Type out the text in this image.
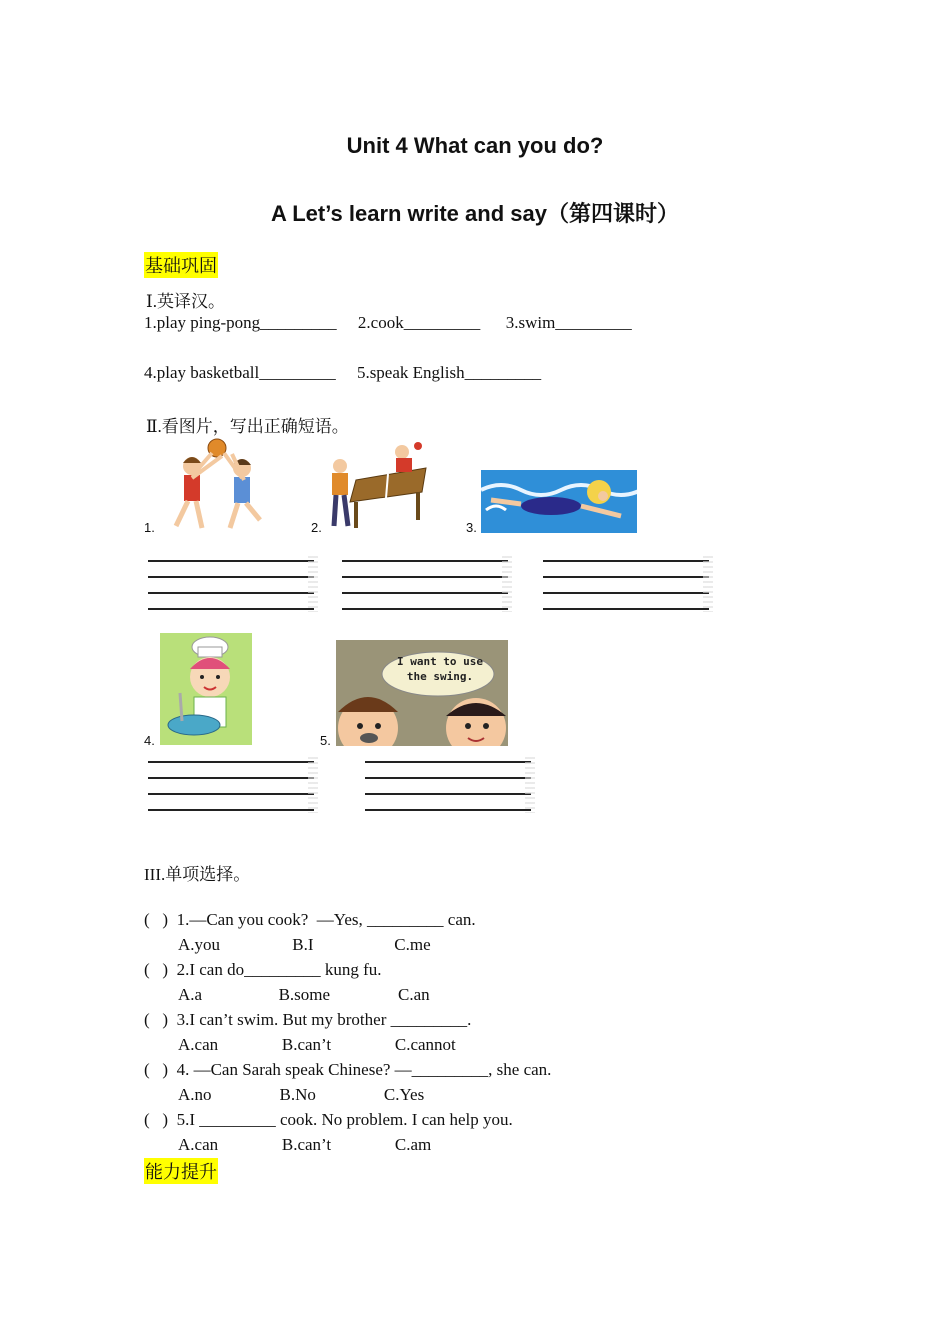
Unit 4 What can you do?
A Let’s learn write and say（第四课时）
基础巩固
Ⅰ.英译汉。
1.play ping-pong_________     2.cook_________      3.swim_________
4.play basketball_________     5.speak English_________
Ⅱ.看图片，写出正确短语。
1.	2.	3.
4.
I want to use the swing.
5.
III.单项选择。
(   )  1.—Can you cook?  —Yes, _________ can.
A.you                 B.I                   C.me
(   )  2.I can do_________ kung fu.
A.a                  B.some                C.an
(   )  3.I can’t swim. But my brother _________.
A.can               B.can’t               C.cannot
(   )  4. —Can Sarah speak Chinese? —_________, she can.
A.no                B.No                C.Yes
(   )  5.I _________ cook. No problem. I can help you.
A.can               B.can’t               C.am
能力提升
